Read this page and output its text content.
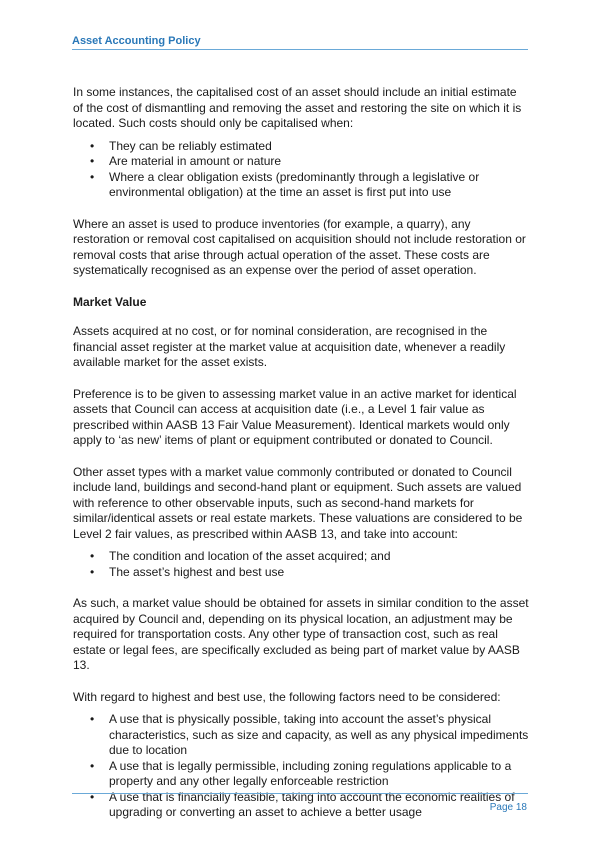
Asset Accounting Policy

In some instances, the capitalised cost of an asset should include an initial estimate of the cost of dismantling and removing the asset and restoring the site on which it is located. Such costs should only be capitalised when:

• They can be reliably estimated
• Are material in amount or nature
• Where a clear obligation exists (predominantly through a legislative or environmental obligation) at the time an asset is first put into use

Where an asset is used to produce inventories (for example, a quarry), any restoration or removal cost capitalised on acquisition should not include restoration or removal costs that arise through actual operation of the asset. These costs are systematically recognised as an expense over the period of asset operation.

Market Value

Assets acquired at no cost, or for nominal consideration, are recognised in the financial asset register at the market value at acquisition date, whenever a readily available market for the asset exists.

Preference is to be given to assessing market value in an active market for identical assets that Council can access at acquisition date (i.e., a Level 1 fair value as prescribed within AASB 13 Fair Value Measurement). Identical markets would only apply to ‘as new’ items of plant or equipment contributed or donated to Council.

Other asset types with a market value commonly contributed or donated to Council include land, buildings and second-hand plant or equipment. Such assets are valued with reference to other observable inputs, such as second-hand markets for similar/identical assets or real estate markets. These valuations are considered to be Level 2 fair values, as prescribed within AASB 13, and take into account:

• The condition and location of the asset acquired; and
• The asset’s highest and best use

As such, a market value should be obtained for assets in similar condition to the asset acquired by Council and, depending on its physical location, an adjustment may be required for transportation costs. Any other type of transaction cost, such as real estate or legal fees, are specifically excluded as being part of market value by AASB 13.

With regard to highest and best use, the following factors need to be considered:

• A use that is physically possible, taking into account the asset’s physical characteristics, such as size and capacity, as well as any physical impediments due to location
• A use that is legally permissible, including zoning regulations applicable to a property and any other legally enforceable restriction
• A use that is financially feasible, taking into account the economic realities of upgrading or converting an asset to achieve a better usage	Page 18
